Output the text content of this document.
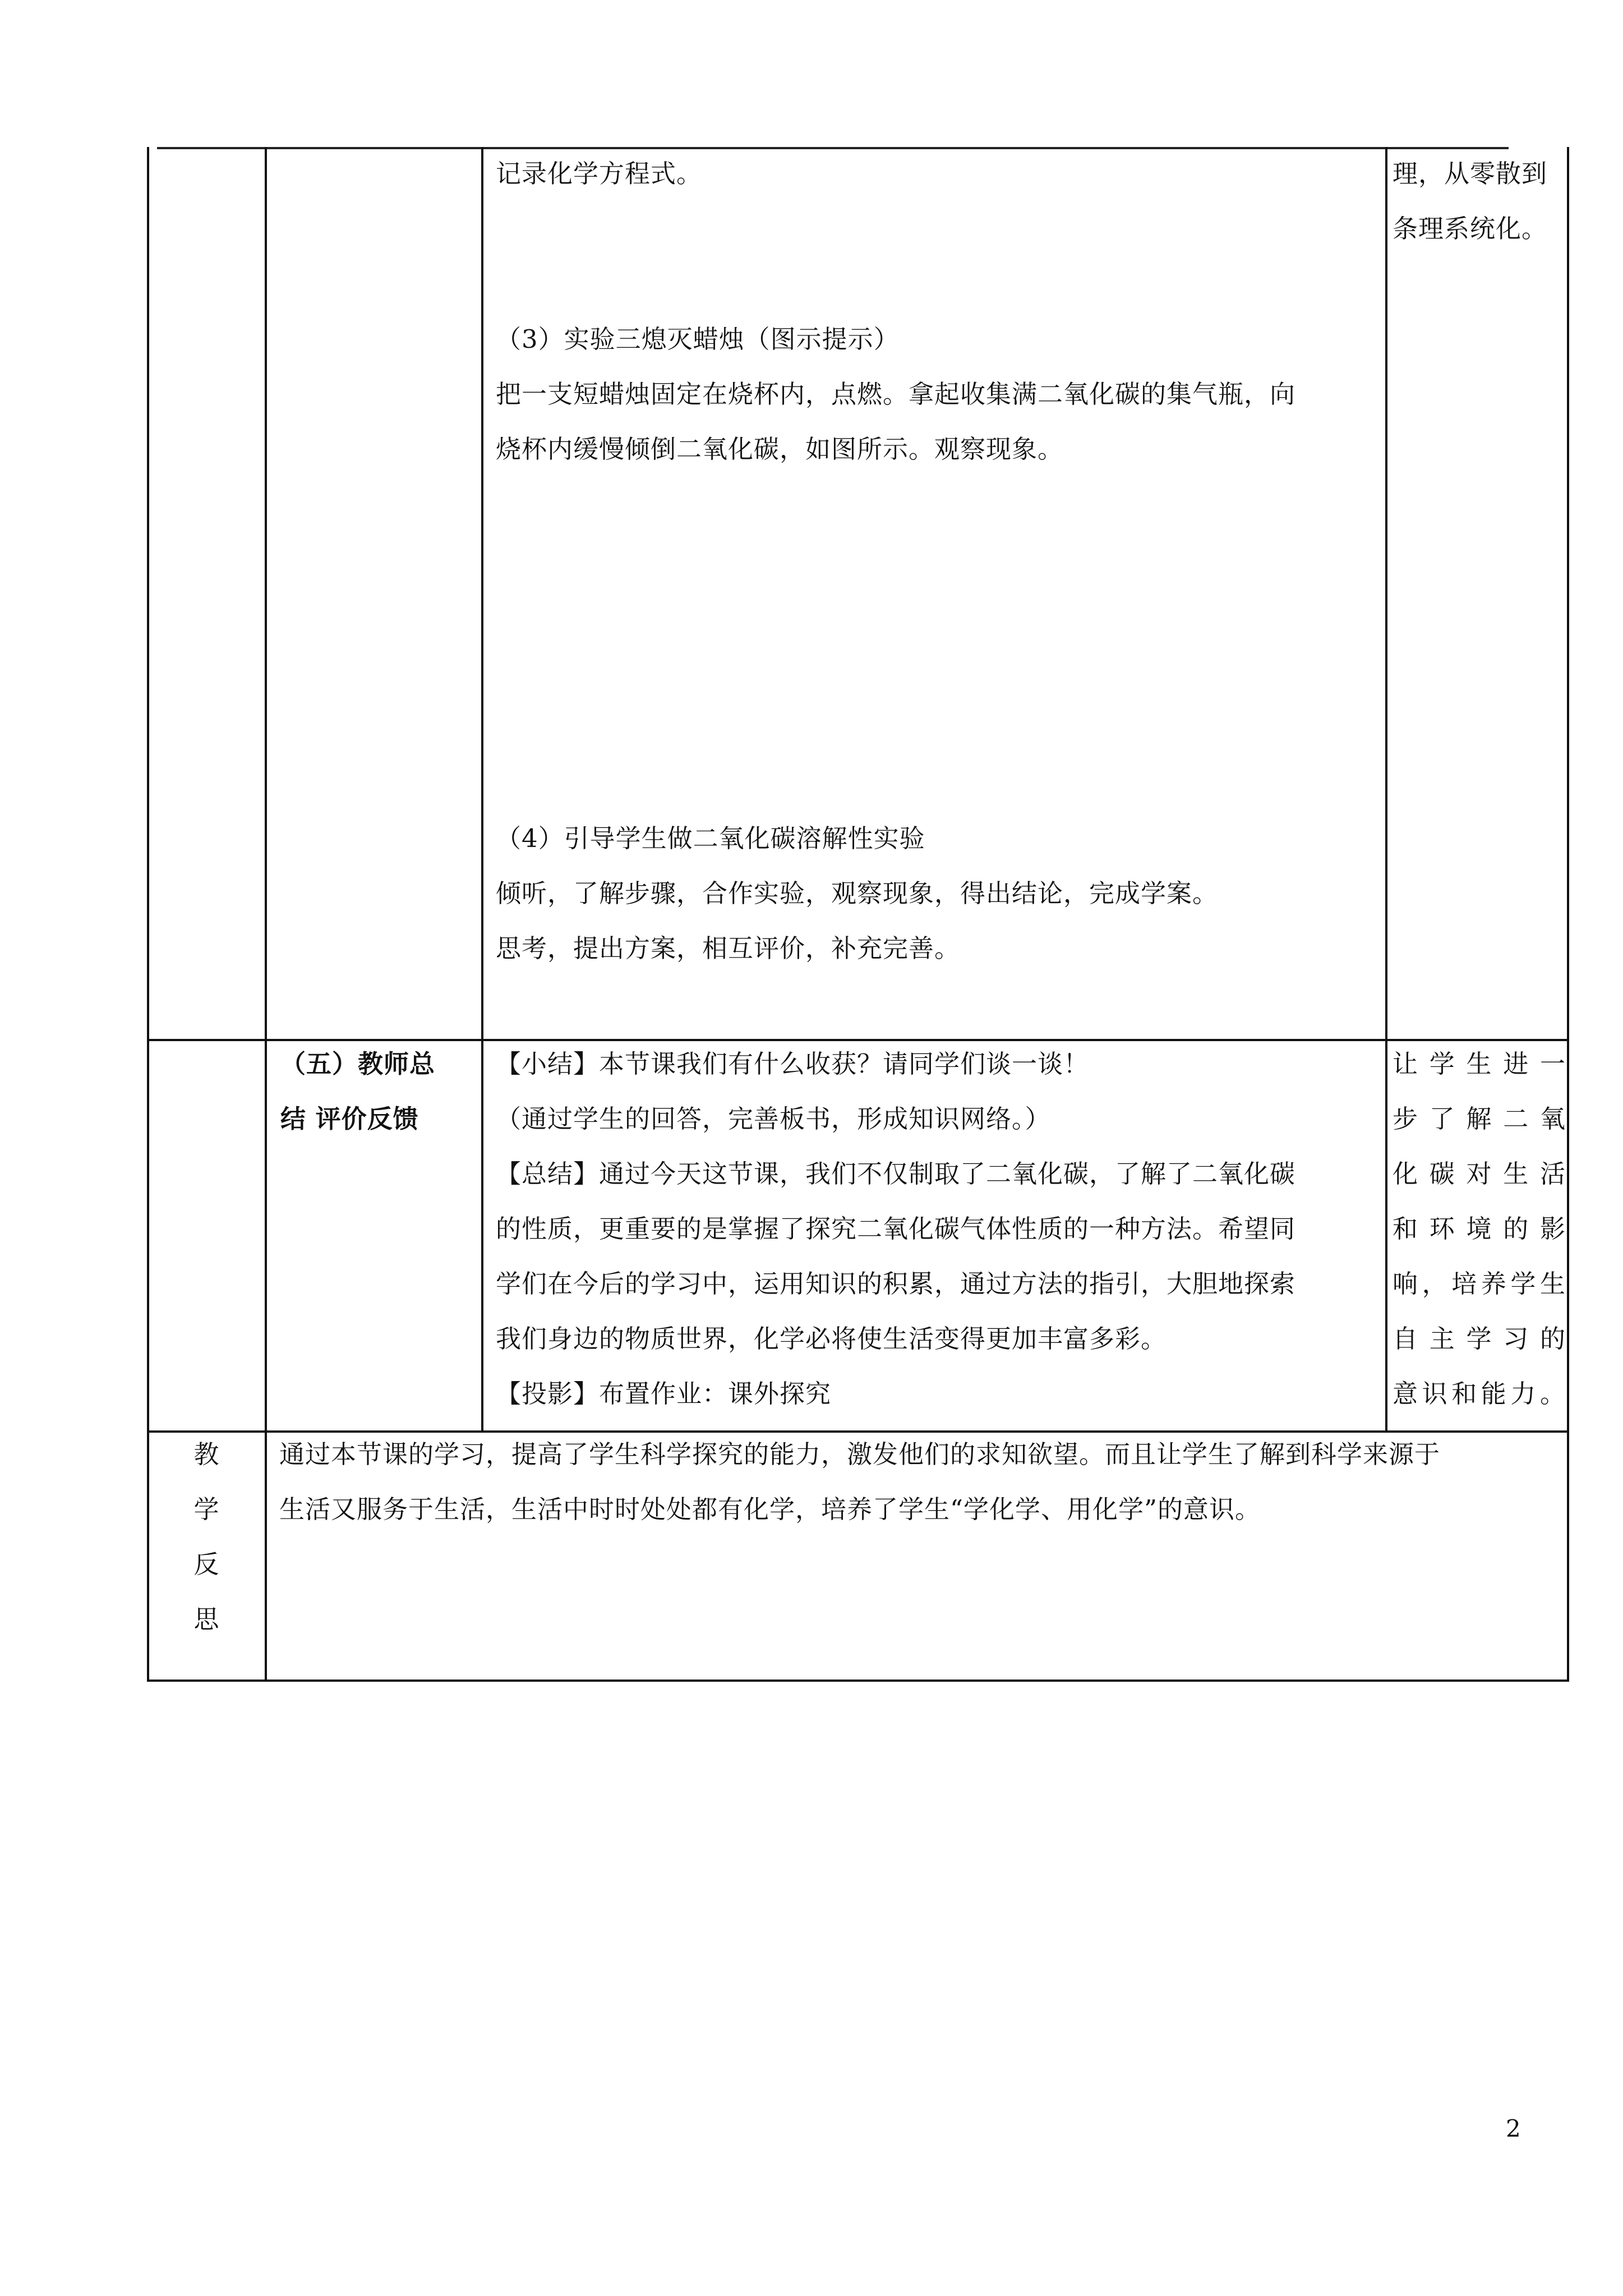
记录化学方程式。
（3）实验三熄灭蜡烛（图示提示）
把一支短蜡烛固定在烧杯内，点燃。拿起收集满二氧化碳的集气瓶，向
烧杯内缓慢倾倒二氧化碳，如图所示。观察现象。
（4）引导学生做二氧化碳溶解性实验
倾听，了解步骤，合作实验，观察现象，得出结论，完成学案。
思考，提出方案，相互评价，补充完善。
理，从零散到
条理系统化。
（五）教师总
结 评价反馈
【小结】本节课我们有什么收获？请同学们谈一谈！
（通过学生的回答，完善板书，形成知识网络。）
【总结】通过今天这节课，我们不仅制取了二氧化碳，了解了二氧化碳
的性质，更重要的是掌握了探究二氧化碳气体性质的一种方法。希望同
学们在今后的学习中，运用知识的积累，通过方法的指引，大胆地探索
我们身边的物质世界，化学必将使生活变得更加丰富多彩。
【投影】布置作业：课外探究
让学生进一
步了解二氧
化碳对生活
和环境的影
响，培养学生
自主学习的
意识和能力。
教
学
反
思
通过本节课的学习，提高了学生科学探究的能力，激发他们的求知欲望。而且让学生了解到科学来源于
生活又服务于生活，生活中时时处处都有化学，培养了学生“学化学、用化学”的意识。
2
